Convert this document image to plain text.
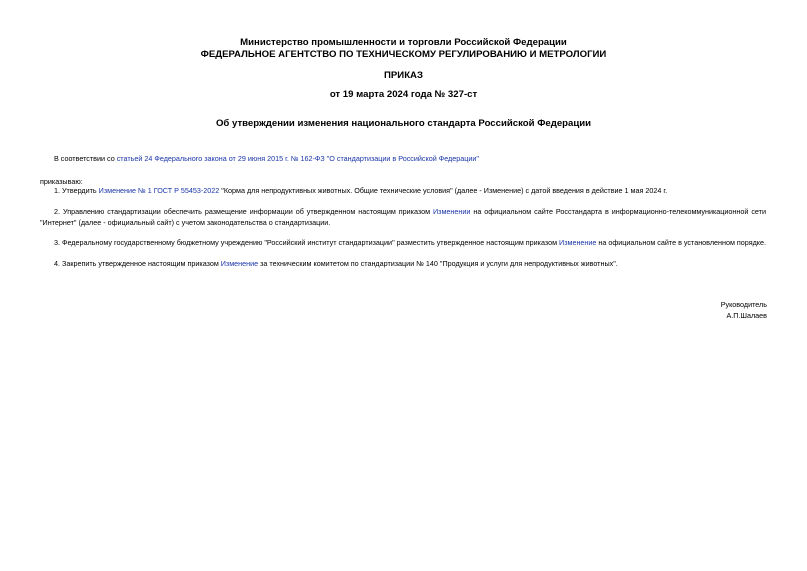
Министерство промышленности и торговли Российской Федерации
ФЕДЕРАЛЬНОЕ АГЕНТСТВО ПО ТЕХНИЧЕСКОМУ РЕГУЛИРОВАНИЮ И МЕТРОЛОГИИ
ПРИКАЗ
от 19 марта 2024 года № 327-ст
Об утверждении изменения национального стандарта Российской Федерации
В соответствии со статьей 24 Федерального закона от 29 июня 2015 г. № 162-ФЗ "О стандартизации в Российской Федерации"
приказываю:
1. Утвердить Изменение № 1 ГОСТ Р 55453-2022 "Корма для непродуктивных животных. Общие технические условия" (далее - Изменение) с датой введения в действие 1 мая 2024 г.
2. Управлению стандартизации обеспечить размещение информации об утвержденном настоящим приказом Изменении на официальном сайте Росстандарта в информационно-телекоммуникационной сети "Интернет" (далее - официальный сайт) с учетом законодательства о стандартизации.
3. Федеральному государственному бюджетному учреждению "Российский институт стандартизации" разместить утвержденное настоящим приказом Изменение на официальном сайте в установленном порядке.
4. Закрепить утвержденное настоящим приказом Изменение за техническим комитетом по стандартизации № 140 "Продукция и услуги для непродуктивных животных".
Руководитель
А.П.Шалаев
